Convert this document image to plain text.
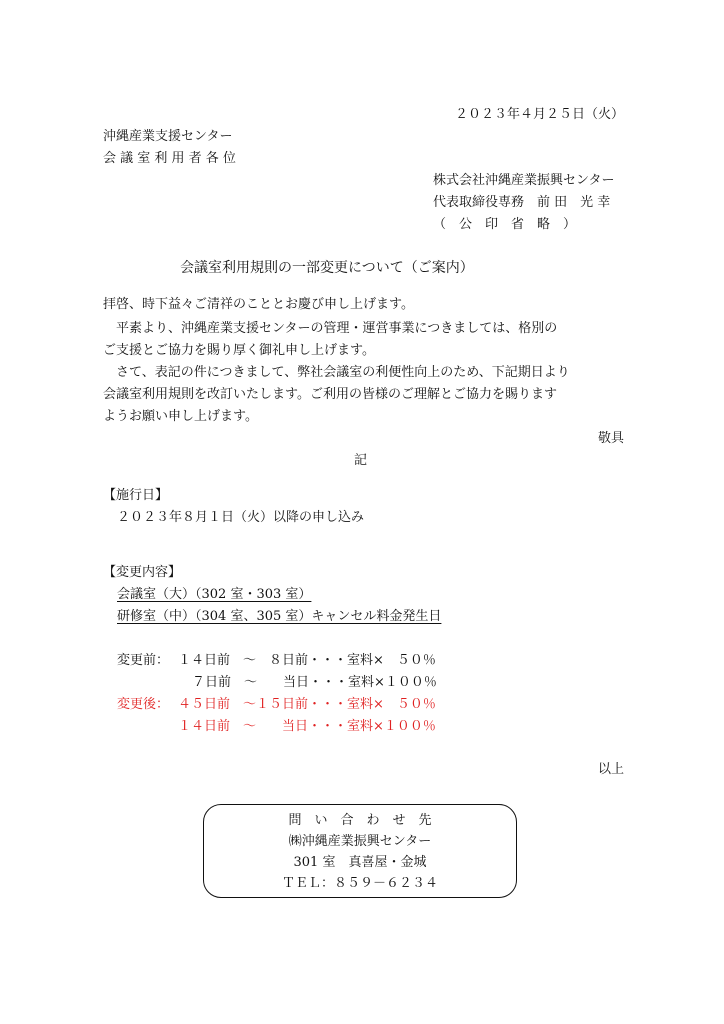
２０２３年４月２５日（火）
沖縄産業支援センター
会 議 室 利 用 者 各 位
株式会社沖縄産業振興センター
代表取締役専務　前 田　光 幸
（　公　印　省　略　）
会議室利用規則の一部変更について（ご案内）
拝啓、時下益々ご清祥のこととお慶び申し上げます。
　平素より、沖縄産業支援センターの管理・運営事業につきましては、格別の
ご支援とご協力を賜り厚く御礼申し上げます。
　さて、表記の件につきまして、弊社会議室の利便性向上のため、下記期日より
会議室利用規則を改訂いたします。ご利用の皆様のご理解とご協力を賜ります
ようお願い申し上げます。
敬具
記
【施行日】
２０２３年８月１日（火）以降の申し込み
【変更内容】
会議室（大）（302 室・303 室）
研修室（中）（304 室、305 室）キャンセル料金発生日
変更前： １４日前　～　８日前・・・室料×　５０％
７日前　～　　当日・・・室料×１００％
変更後： ４５日前　～１５日前・・・室料×　５０％
１４日前　～　　当日・・・室料×１００％
以上
問　い　合　わ　せ　先
㈱沖縄産業振興センター
301 室　真喜屋・金城
ＴＥＬ：８５９－６２３４
